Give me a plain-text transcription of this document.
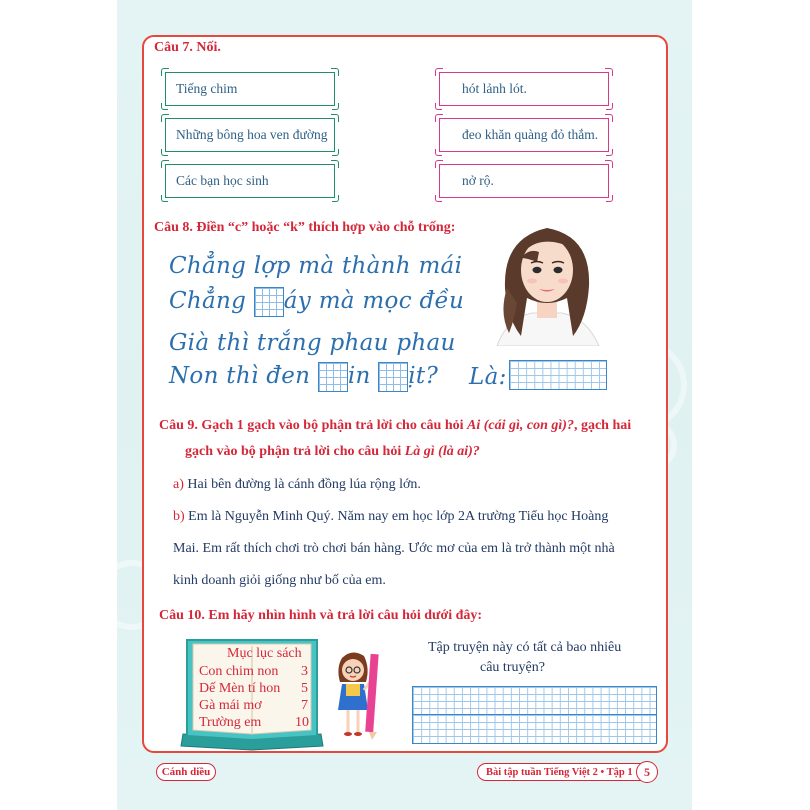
Câu 7. Nối.
Tiếng chim
Những bông hoa ven đường
Các bạn học sinh
hót lảnh lót.
đeo khăn quàng đỏ thắm.
nở rộ.
Câu 8. Điền “c” hoặc “k” thích hợp vào chỗ trống:
Chẳng lợp mà thành mái
Chẳng áy mà mọc đều
Già thì trắng phau phau
Non thì đen in ịt? Là:
Câu 9. Gạch 1 gạch vào bộ phận trả lời cho câu hỏi Ai (cái gì, con gì)?, gạch hai
gạch vào bộ phận trả lời cho câu hỏi Là gì (là ai)?
a) Hai bên đường là cánh đồng lúa rộng lớn.
b) Em là Nguyễn Minh Quý. Năm nay em học lớp 2A trường Tiểu học Hoàng
Mai. Em rất thích chơi trò chơi bán hàng. Ước mơ của em là trở thành một nhà
kinh doanh giỏi giống như bố của em.
Câu 10. Em hãy nhìn hình và trả lời câu hỏi dưới đây:
Mục lục sách
Con chim non 3
Dế Mèn tí hon 5
Gà mái mơ	7
Trường em 10
Tập truyện này có tất cả bao nhiêu
câu truyện?
Cánh diều	Bài tập tuần Tiếng Việt 2 • Tập 1 5
